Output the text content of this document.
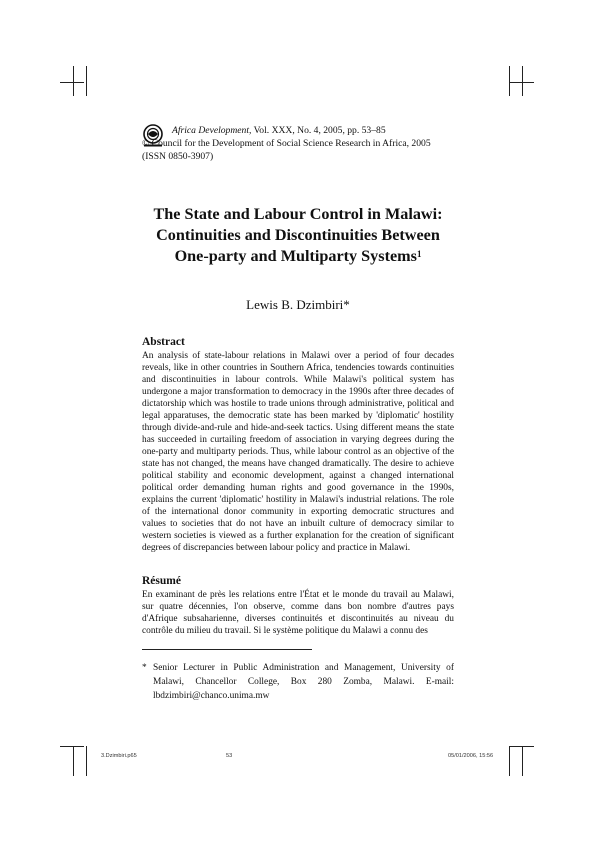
Africa Development, Vol. XXX, No. 4, 2005, pp. 53–85
© Council for the Development of Social Science Research in Africa, 2005
(ISSN 0850-3907)
The State and Labour Control in Malawi:
Continuities and Discontinuities Between
One-party and Multiparty Systems$^1$
Lewis B. Dzimbiri*
Abstract
An analysis of state-labour relations in Malawi over a period of four decades reveals, like in other countries in Southern Africa, tendencies towards continuities and discontinuities in labour controls. While Malawi's political system has undergone a major transformation to democracy in the 1990s after three decades of dictatorship which was hostile to trade unions through administrative, political and legal apparatuses, the democratic state has been marked by 'diplomatic' hostility through divide-and-rule and hide-and-seek tactics. Using different means the state has succeeded in curtailing freedom of association in varying degrees during the one-party and multiparty periods. Thus, while labour control as an objective of the state has not changed, the means have changed dramatically. The desire to achieve political stability and economic development, against a changed international political order demanding human rights and good governance in the 1990s, explains the current 'diplomatic' hostility in Malawi's industrial relations. The role of the international donor community in exporting democratic structures and values to societies that do not have an inbuilt culture of democracy similar to western societies is viewed as a further explanation for the creation of significant degrees of discrepancies between labour policy and practice in Malawi.
Résumé
En examinant de près les relations entre l'État et le monde du travail au Malawi, sur quatre décennies, l'on observe, comme dans bon nombre d'autres pays d'Afrique subsaharienne, diverses continuités et discontinuités au niveau du contrôle du milieu du travail. Si le système politique du Malawi a connu des
* Senior Lecturer in Public Administration and Management, University of Malawi, Chancellor College, Box 280 Zomba, Malawi. E-mail: lbdzimbiri@chanco.unima.mw
3.Dzimbiri.p65	53	05/01/2006, 15:56
